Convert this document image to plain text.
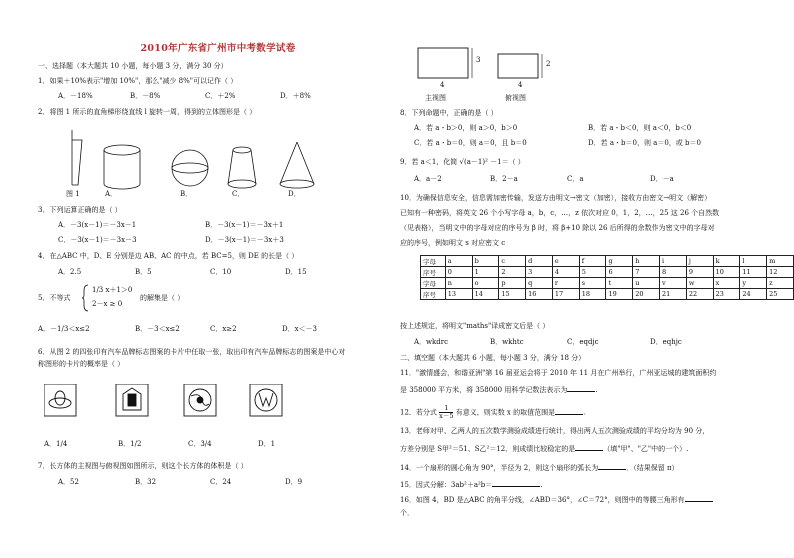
2010年广东省广州市中考数学试卷
一、选择题（本大题共 10 小题，每小题 3 分，满分 30 分）
1．如果＋10%表示"增加 10%"，那么"减少 8%"可以记作（ ）
A．－18%	B．－8%	C．＋2%	D．＋8%
2．将图 1 所示的直角梯形绕直线 l 旋转一周，得到的立体图形是（ ）
图 1	A．	B．	C．	D．
3．下列运算正确的是（ ）
A．－3(x－1)＝－3x－1	B．－3(x－1)＝－3x＋1
C．－3(x－1)＝－3x－3	D．－3(x－1)＝－3x＋3
4．在△ABC 中，D、E 分别是边 AB、AC 的中点，若 BC=5，则 DE 的长是（ ）
A．2.5	B．5	C．10	D．15
5．不等式
1/3 x＋1＞0
2－x ≥ 0
的解集是（ ）
A．－1/3＜x≤2	B．－3＜x≤2	C．x≥2	D．x＜－3
6．从图 2 的四张印有汽车品牌标志图案的卡片中任取一张，取出印有汽车品牌标志的图案是中心对
称图形的卡片的概率是（ ）
A．1/4	B．1/2	C．3/4	D．1
7．长方体的主视图与俯视图如图所示，则这个长方体的体积是（ ）
A．52	B．32	C．24	D．9
3	2
4	4
主视图	俯视图
8．下列命题中，正确的是（ ）
A．若 a・b＞0，则 a＞0，b＞0	B．若 a・b＜0，则 a＜0，b＜0
C．若 a・b＝0，则 a＝0，且 b＝0	D．若 a・b＝0，则 a＝0，或 b＝0
9．若 a＜1，化简 √(a－1)² －1＝（ ）
A．a－2	B．2－a	C．a	D．－a
10．为确保信息安全，信息需加密传输，发送方由明文→密文（加密），接收方由密文→明文（解密）
已知有一种密码，将英文 26 个小写字母 a，b，c，…，z 依次对应 0，1，2，…，25 这 26 个自然数
（见表格），当明文中的字母对应的序号为 β 时，将 β+10 除以 26 后所得的余数作为密文中的字母对
应的序号，例如明文 s 对应密文 c
字母	a	b	c	d	e	f	g	h	i	j	k	l	m
序号	0	1	2	3	4	5	6	7	8	9	10	11	12
字母	n	o	p	q	r	s	t	u	v	w	x	y	z
序号	13	14	15	16	17	18	19	20	21	22	23	24	25
按上述规定，将明文"maths"译成密文后是（ ）
A．wkdrc	B．wkhtc	C．eqdjc	D．eqhjc
二、填空题（本大题共 6 小题，每小题 3 分，满分 18 分）
11．"激情盛会，和谐亚洲"第 16 届亚运会将于 2010 年 11 月在广州举行，广州亚运城的建筑面积约
是 358000 平方米，将 358000 用科学记数法表示为	.
12．若分式 $\frac{1}{x-5}$ 有意义，则实数 x 的取值范围是	.
13．老师对甲、乙两人的五次数学测验成绩进行统计，得出两人五次测验成绩的平均分均为 90 分，
方差分别是 S甲²＝51、S乙²＝12．则成绩比较稳定的是	（填"甲"、"乙"中的一个）.
14．一个扇形的圆心角为 90°，半径为 2，则这个扇形的弧长为	．（结果保留 π）
15．因式分解：3ab²＋a²b＝	.
16．如图 4，BD 是△ABC 的角平分线，∠ABD＝36°，∠C＝72°，则图中的等腰三角形有
个．
